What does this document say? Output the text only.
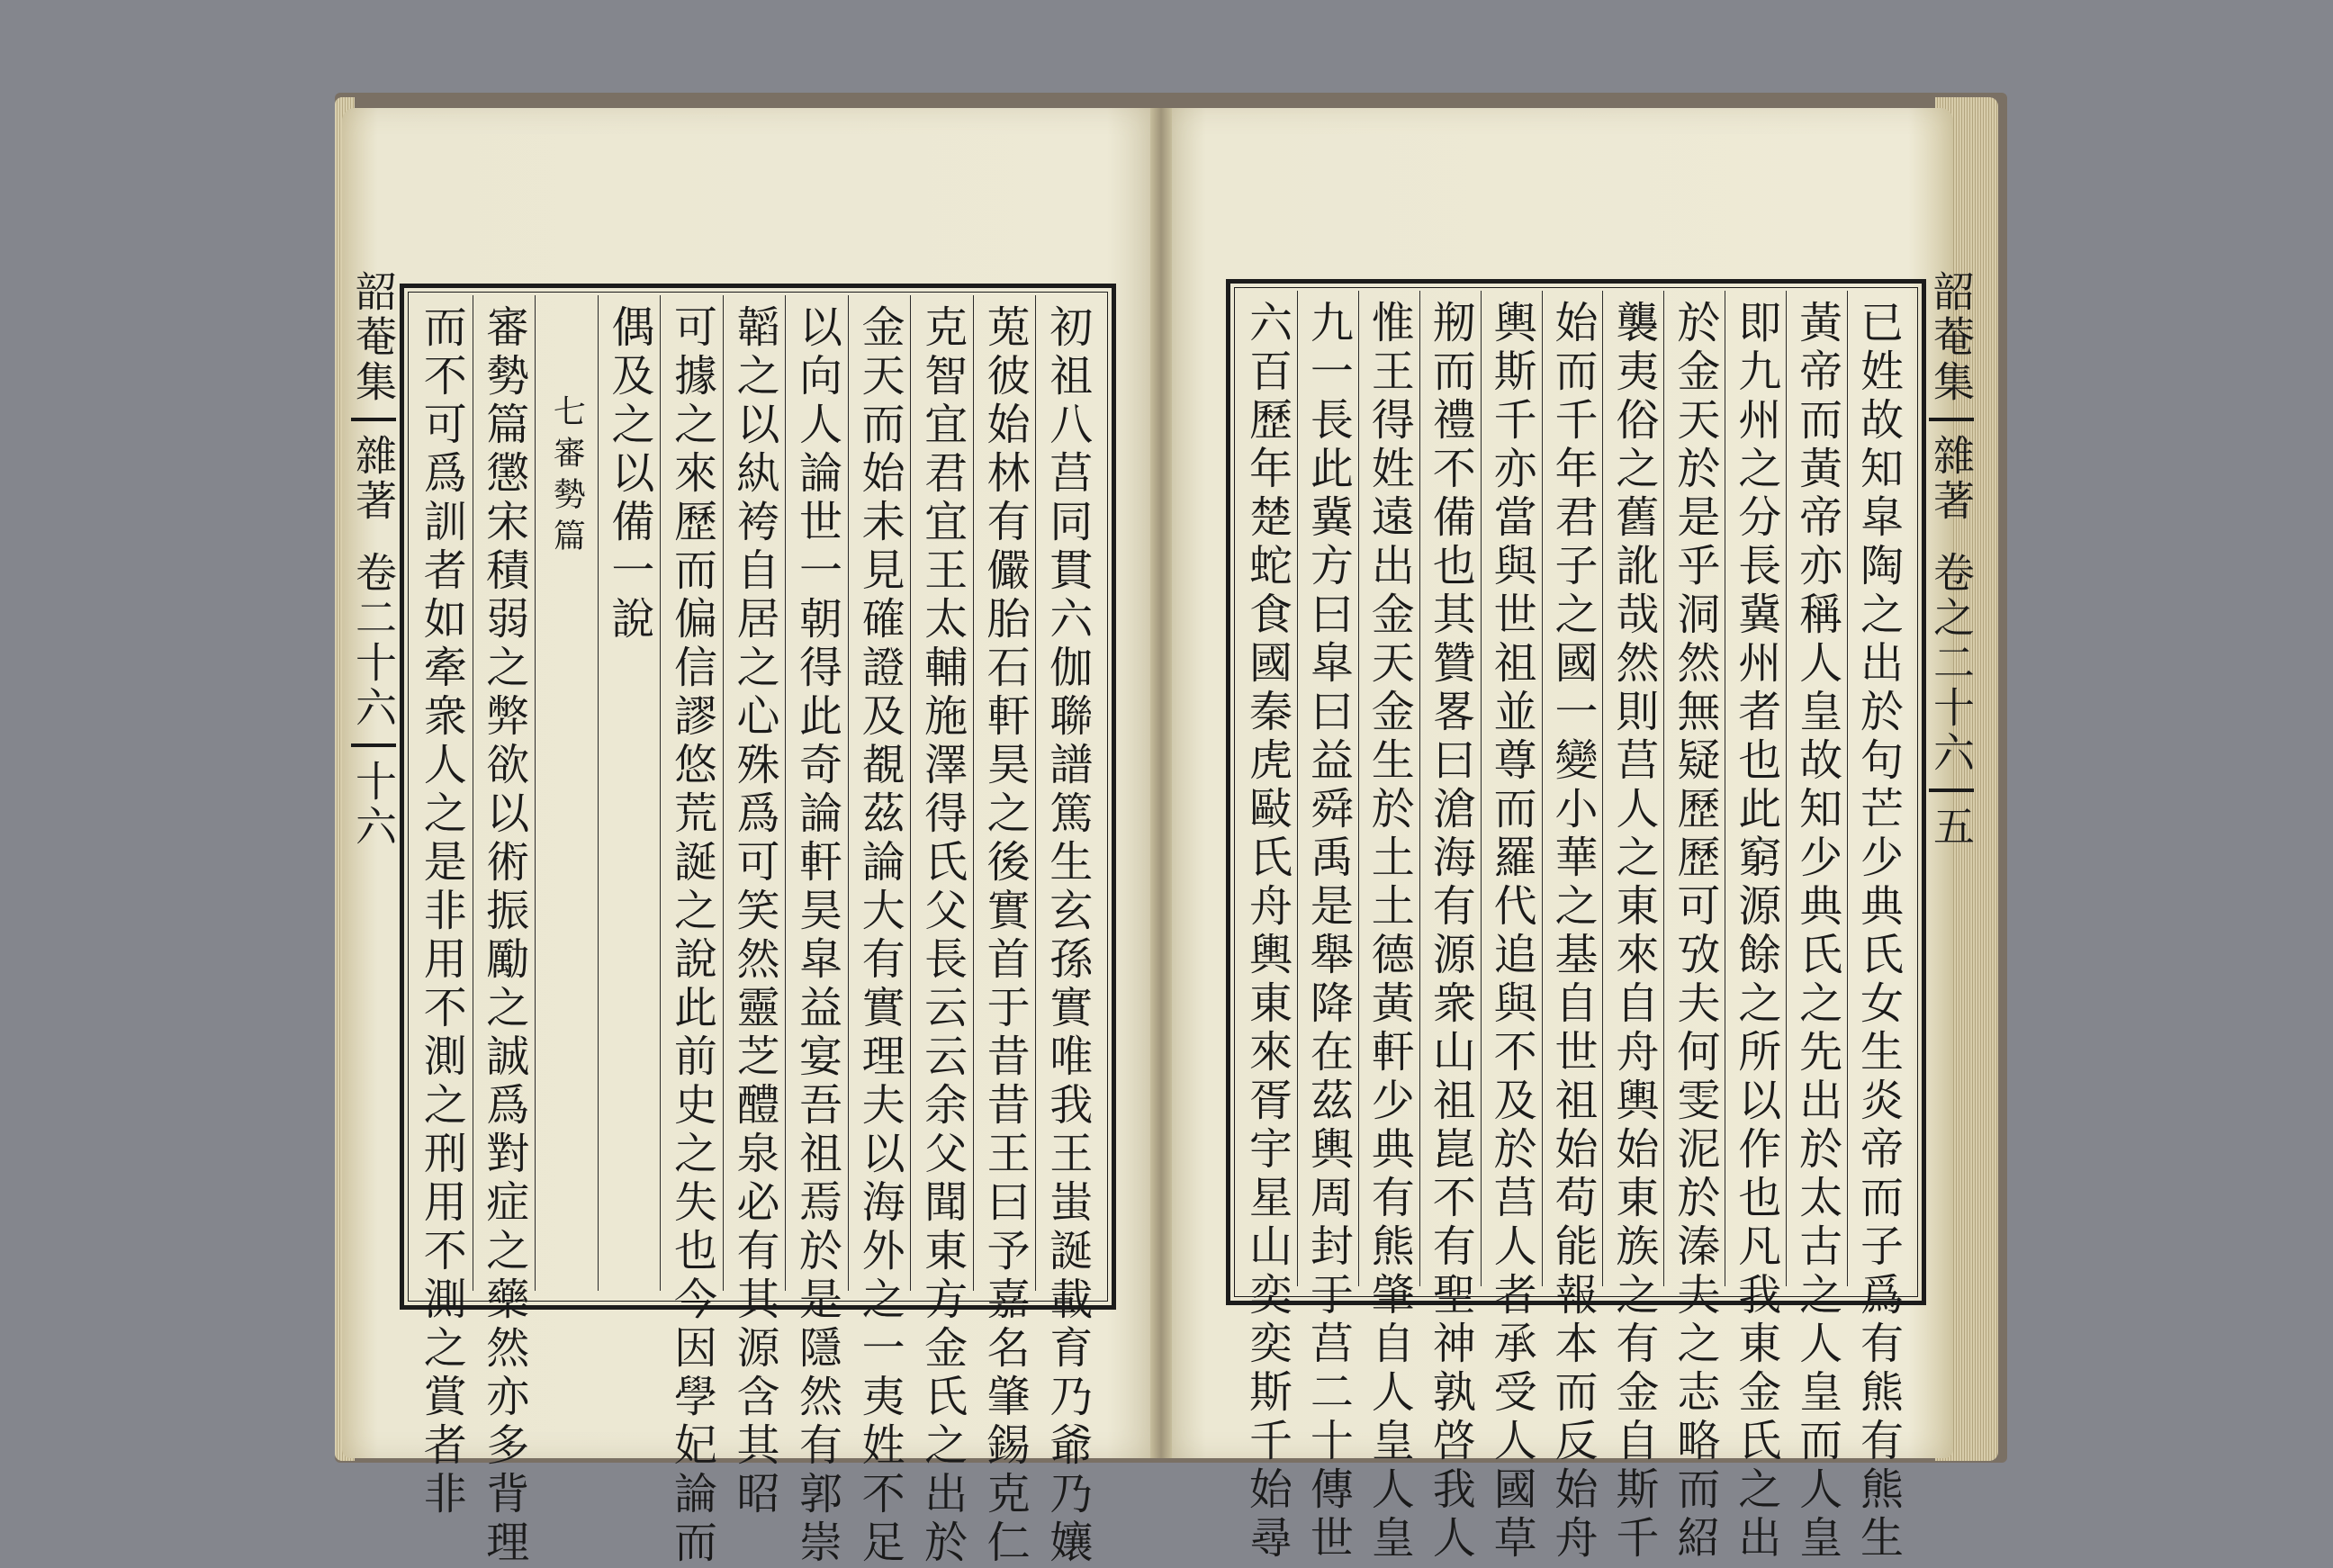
韶菴集
雜著
卷二十六
十六	初祖八莒同貫六伽聯譜篤生玄孫實唯我王蚩誕載育乃爺乃孃
莵彼始林有儼胎石軒昊之後實首于昔昔王曰予嘉名肇錫克仁
克智宜君宜王太輔施澤得氏父長云云余父聞東方金氏之出於
金天而始未見確證及覩茲論大有實理夫以海外之一夷姓不足
以向人論世一朝得此奇論軒昊皐益宴吾祖焉於是隱然有郭崇
韜之以紈袴自居之心殊爲可笑然靈芝醴泉必有其源含其昭
可據之來歷而偏信謬悠荒誕之說此前史之失也今因學妃論而
偶及之以備一說
七審勢篇
審勢篇懲宋積弱之弊欲以術振勵之誠爲對症之藥然亦多背理
而不可爲訓者如牽衆人之是非用不測之刑用不測之賞者非	已姓故知皐陶之出於句芒少典氏女生炎帝而子爲有熊有熊生
黃帝而黃帝亦稱人皇故知少典氏之先出於太古之人皇而人皇
即九州之分長冀州者也此窮源餘之所以作也凡我東金氏之出
於金天於是乎洞然無疑歷歷可攷夫何雯泥於溱夫之志略而紹
襲夷俗之舊訛哉然則莒人之東來自舟輿始東族之有金自斯千
始而千年君子之國一變小華之基自世祖始苟能報本而反始舟
輿斯千亦當與世祖並尊而羅代追與不及於莒人者承受人國草
剏而禮不備也其贊畧曰滄海有源衆山祖崑不有聖神孰啓我人
惟王得姓遠出金天金生於土土德黃軒少典有熊肇自人皇人皇
九一長此冀方曰皐曰益舜禹是舉降在茲輿周封于莒二十傳世
六百歷年楚蛇食國秦虎敺氏舟輿東來胥宇星山奕奕斯千始尋	韶菴集
雜著
卷之二十六
五
